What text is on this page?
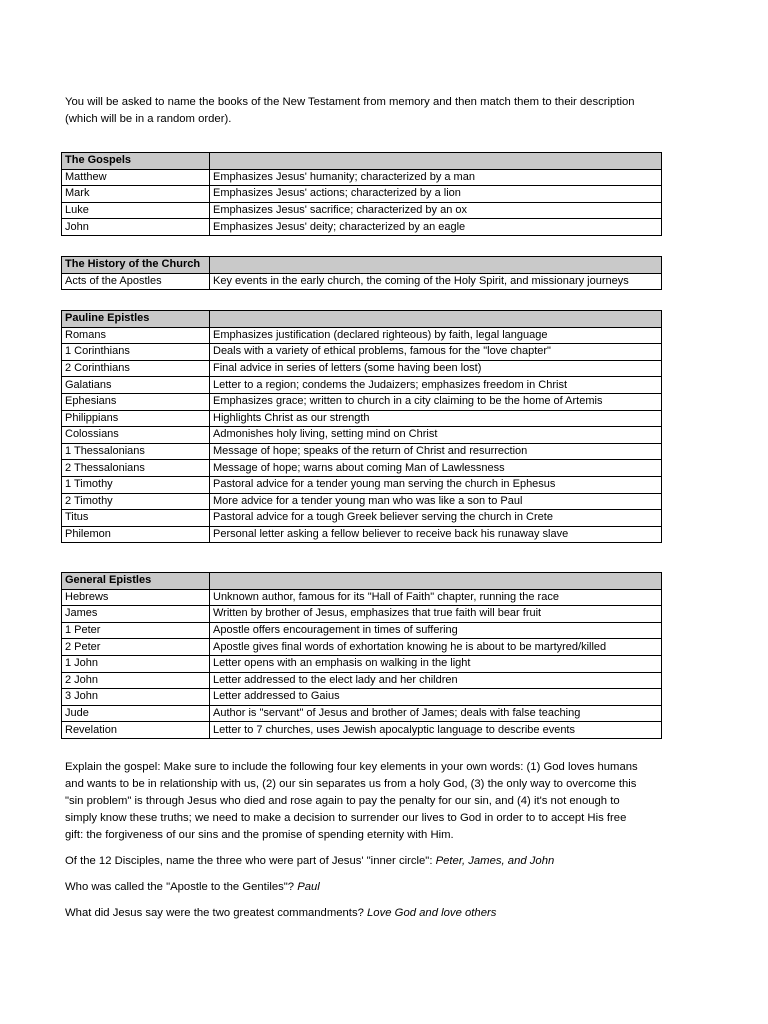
You will be asked to name the books of the New Testament from memory and then match them to their description
(which will be in a random order).
The Gospels	
Matthew	Emphasizes Jesus' humanity; characterized by a man
Mark	Emphasizes Jesus' actions; characterized by a lion
Luke	Emphasizes Jesus' sacrifice; characterized by an ox
John	Emphasizes Jesus' deity; characterized by an eagle
The History of the Church	
Acts of the Apostles	Key events in the early church, the coming of the Holy Spirit, and missionary journeys
Pauline Epistles	
Romans	Emphasizes justification (declared righteous) by faith, legal language
1 Corinthians	Deals with a variety of ethical problems, famous for the "love chapter"
2 Corinthians	Final advice in series of letters (some having been lost)
Galatians	Letter to a region; condems the Judaizers; emphasizes freedom in Christ
Ephesians	Emphasizes grace; written to church in a city claiming to be the home of Artemis
Philippians	Highlights Christ as our strength
Colossians	Admonishes holy living, setting mind on Christ
1 Thessalonians	Message of hope; speaks of the return of Christ and resurrection
2 Thessalonians	Message of hope; warns about coming Man of Lawlessness
1 Timothy	Pastoral advice for a tender young man serving the church in Ephesus
2 Timothy	More advice for a tender young man who was like a son to Paul
Titus	Pastoral advice for a tough Greek believer serving the church in Crete
Philemon	Personal letter asking a fellow believer to receive back his runaway slave
General Epistles	
Hebrews	Unknown author, famous for its "Hall of Faith" chapter, running the race
James	Written by brother of Jesus, emphasizes that true faith will bear fruit
1 Peter	Apostle offers encouragement in times of suffering
2 Peter	Apostle gives final words of exhortation knowing he is about to be martyred/killed
1 John	Letter opens with an emphasis on walking in the light
2 John	Letter addressed to the elect lady and her children
3 John	Letter addressed to Gaius
Jude	Author is "servant" of Jesus and brother of James; deals with false teaching
Revelation	Letter to 7 churches, uses Jewish apocalyptic language to describe events
Explain the gospel: Make sure to include the following four key elements in your own words: (1) God loves humans
and wants to be in relationship with us, (2) our sin separates us from a holy God, (3) the only way to overcome this
"sin problem" is through Jesus who died and rose again to pay the penalty for our sin, and (4) it's not enough to
simply know these truths; we need to make a decision to surrender our lives to God in order to to accept His free
gift: the forgiveness of our sins and the promise of spending eternity with Him.
Of the 12 Disciples, name the three who were part of Jesus' "inner circle": Peter, James, and John
Who was called the "Apostle to the Gentiles"? Paul
What did Jesus say were the two greatest commandments? Love God and love others
